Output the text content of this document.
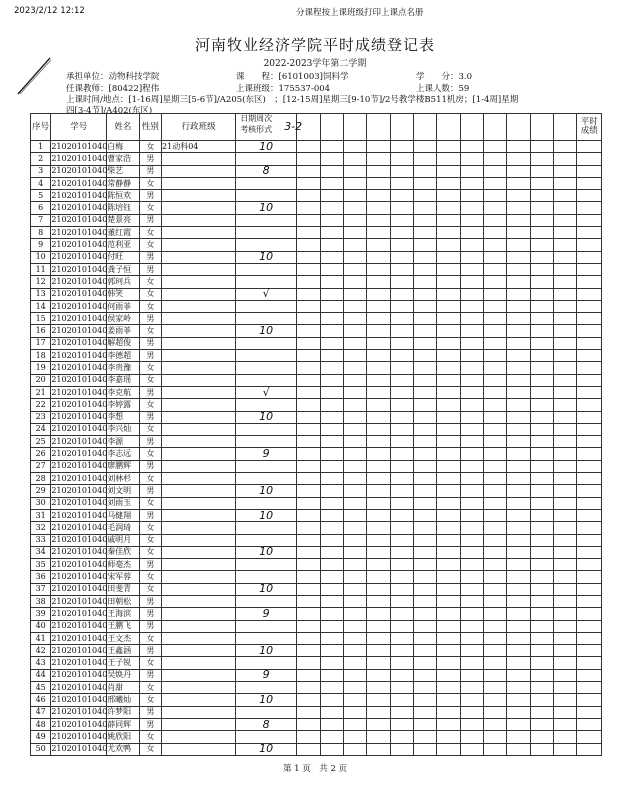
2023/2/12 12:12	分课程按上课班级打印上课点名册
河南牧业经济学院平时成绩登记表
2022-2023学年第二学期
承担单位：动物科技学院	课　　程：[6101003]饲料学	学　　分：3.0
任课教师：[80422]程伟	上课班级：175537-004	上课人数：59
上课时间/地点：[1-16周]星期三[5-6节]/A205(东区)　；[12-15周]星期三[9-10节]/2号教学楼B511机房；[1-4周]星期
四[3-4节]/A402(东区)
序号	学号	姓名	性别	行政班级	日期周次
考核形式 3-2													平时成绩
1	21020101040	白梅	女	21动科04	10													

2	21020101040	曹家浩	男		

3	21020101040	柴艺	男		8													

4	21020101040	常静静	女		

5	21020101040	陈恒欢	男		

6	21020101040	陈培钰	女		10													

7	21020101040	楚景亮	男		

8	21020101040	董红霞	女		

9	21020101040	范利亚	女		

10	21020101040	付旺	男		10													

11	21020101040	龚子恒	男		

12	21020101040	郭珂兵	女		

13	21020101040	韩笑	女		√													

14	21020101040	何雨菲	女		

15	21020101040	侯家岭	男		

16	21020101040	姜雨菲	女		10													

17	21020101040	解超俊	男		

18	21020101040	李德超	男		

19	21020101040	李贵豫	女		

20	21020101040	李嘉瑶	女		

21	21020101040	李克航	男		√													

22	21020101040	李婷露	女		

23	21020101040	李想	男		10													

24	21020101040	李兴灿	女		

25	21020101040	李源	男		

26	21020101040	李志远	女		9													

27	21020101040	廖鹏辉	男		

28	21020101040	刘林杉	女		

29	21020101040	刘文明	男		10													

30	21020101040	刘雨玉	女		

31	21020101040	马健翔	男		10													

32	21020101040	毛润琦	女		

33	21020101040	戚明月	女		

34	21020101040	秦佳欣	女		10													

35	21020101040	师毫杰	男		

36	21020101040	宋军蓉	女		

37	21020101040	田斐青	女		10													

38	21020101040	田朝松	男		

39	21020101040	王海滨	男		9													

40	21020101040	王鹏飞	男		

41	21020101040	王文杰	女		

42	21020101040	王鑫涵	男		10													

43	21020101040	王子锐	女		

44	21020101040	吴焕丹	男		9													

45	21020101040	肖甜	女		

46	21020101040	邢曦灿	女		10													

47	21020101040	许梦阳	男		

48	21020101040	薛同辉	男		8													

49	21020101040	姚欣阳	女		

50	21020101040	尤欢鸭	女		10													

第 1 页　共 2 页
